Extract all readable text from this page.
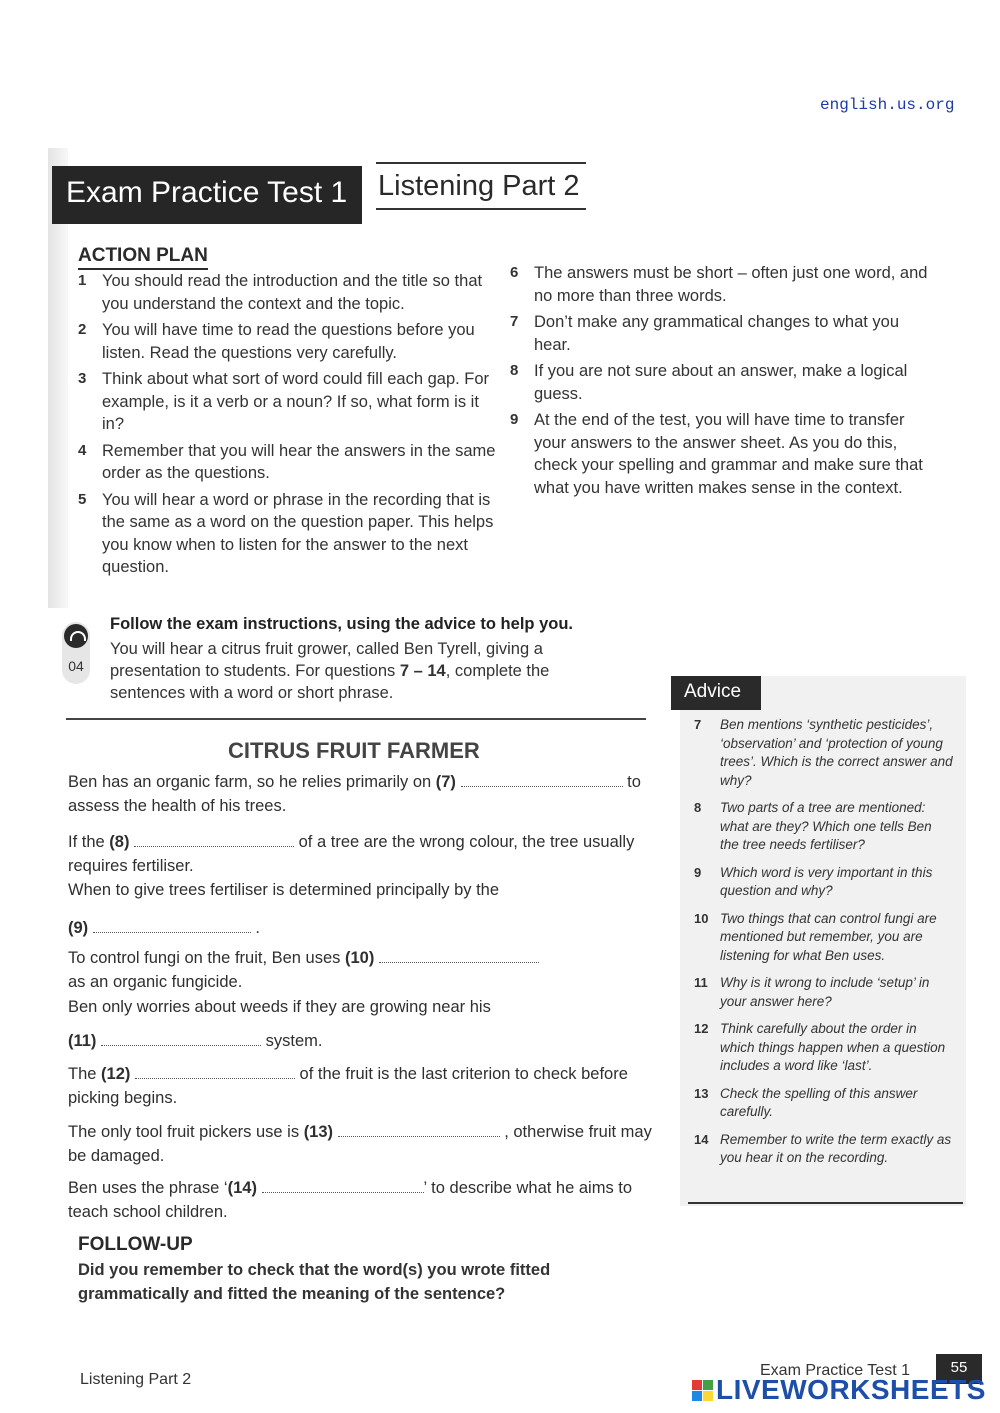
english.us.org
Exam Practice Test 1	Listening Part 2
ACTION PLAN
1 You should read the introduction and the title so that you understand the context and the topic.
2 You will have time to read the questions before you listen. Read the questions very carefully.
3 Think about what sort of word could fill each gap. For example, is it a verb or a noun? If so, what form is it in?
4 Remember that you will hear the answers in the same order as the questions.
5 You will hear a word or phrase in the recording that is the same as a word on the question paper. This helps you know when to listen for the answer to the next question.
6 The answers must be short – often just one word, and no more than three words.
7 Don’t make any grammatical changes to what you hear.
8 If you are not sure about an answer, make a logical guess.
9 At the end of the test, you will have time to transfer your answers to the answer sheet. As you do this, check your spelling and grammar and make sure that what you have written makes sense in the context.
04
Follow the exam instructions, using the advice to help you.
You will hear a citrus fruit grower, called Ben Tyrell, giving a presentation to students. For questions 7 – 14, complete the sentences with a word or short phrase.
CITRUS FRUIT FARMER
Ben has an organic farm, so he relies primarily on (7)	to assess the health of his trees.
If the (8)	of a tree are the wrong colour, the tree usually requires fertiliser.
When to give trees fertiliser is determined principally by the
(9)	.
To control fungi on the fruit, Ben uses (10)
as an organic fungicide.
Ben only worries about weeds if they are growing near his
(11)	system.
The (12)	of the fruit is the last criterion to check before picking begins.
The only tool fruit pickers use is (13)	, otherwise fruit may be damaged.
Ben uses the phrase ‘(14)	’ to describe what he aims to teach school children.
FOLLOW-UP
Did you remember to check that the word(s) you wrote fitted grammatically and fitted the meaning of the sentence?
Advice
7	Ben mentions ‘synthetic pesticides’, ‘observation’ and ‘protection of young trees’. Which is the correct answer and why?
8	Two parts of a tree are mentioned: what are they? Which one tells Ben the tree needs fertiliser?
9	Which word is very important in this question and why?
10 Two things that can control fungi are mentioned but remember, you are listening for what Ben uses.
11 Why is it wrong to include ‘setup’ in your answer here?
12 Think carefully about the order in which things happen when a question includes a word like ‘last’.
13 Check the spelling of this answer carefully.
14 Remember to write the term exactly as you hear it on the recording.
Listening Part 2
Exam Practice Test 1	55
LIVEWORKSHEETS
